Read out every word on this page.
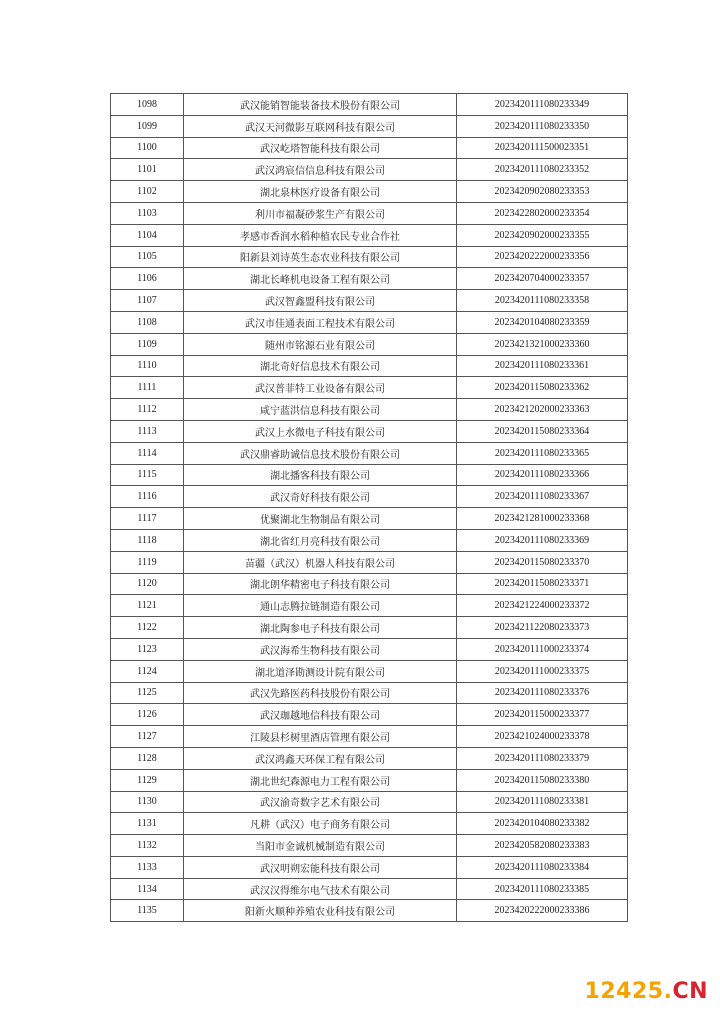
1098	武汉能销智能装备技术股份有限公司	2023420111080233349
1099	武汉天河微影互联网科技有限公司	2023420111080233350
1100	武汉屹塔智能科技有限公司	2023420111500023351
1101	武汉鸿宸信信息科技有限公司	2023420111080233352
1102	湖北泉林医疗设备有限公司	2023420902080233353
1103	利川市福凝砂浆生产有限公司	2023422802000233354
1104	孝感市香润水稻种植农民专业合作社	2023420902000233355
1105	阳新县刘诗英生态农业科技有限公司	2023420222000233356
1106	湖北长峰机电设备工程有限公司	2023420704000233357
1107	武汉智鑫盟科技有限公司	2023420111080233358
1108	武汉市佳通表面工程技术有限公司	2023420104080233359
1109	随州市铭源石业有限公司	2023421321000233360
1110	湖北奇好信息技术有限公司	2023420111080233361
1111	武汉普菲特工业设备有限公司	2023420115080233362
1112	咸宁蓝洪信息科技有限公司	2023421202000233363
1113	武汉上水微电子科技有限公司	2023420115080233364
1114	武汉鼎睿助诚信息技术股份有限公司	2023420111080233365
1115	湖北播客科技有限公司	2023420111080233366
1116	武汉奇好科技有限公司	2023420111080233367
1117	优聚湖北生物制品有限公司	2023421281000233368
1118	湖北省红月亮科技有限公司	2023420111080233369
1119	苗疆（武汉）机器人科技有限公司	2023420115080233370
1120	湖北朗华精密电子科技有限公司	2023420115080233371
1121	通山志腾拉链制造有限公司	2023421224000233372
1122	湖北陶参电子科技有限公司	2023421122080233373
1123	武汉海希生物科技有限公司	2023420111000233374
1124	湖北道泽勘测设计院有限公司	2023420111000233375
1125	武汉先路医药科技股份有限公司	2023420111080233376
1126	武汉珈越地信科技有限公司	2023420115000233377
1127	江陵县杉树里酒店管理有限公司	2023421024000233378
1128	武汉鸿鑫天环保工程有限公司	2023420111080233379
1129	湖北世纪森源电力工程有限公司	2023420115080233380
1130	武汉渝奇数字艺术有限公司	2023420111080233381
1131	凡耕（武汉）电子商务有限公司	2023420104080233382
1132	当阳市金诚机械制造有限公司	2023420582080233383
1133	武汉明朔宏能科技有限公司	2023420111080233384
1134	武汉汉得维尔电气技术有限公司	2023420111080233385
1135	阳新火顺种养殖农业科技有限公司	2023420222000233386
12425.CN
